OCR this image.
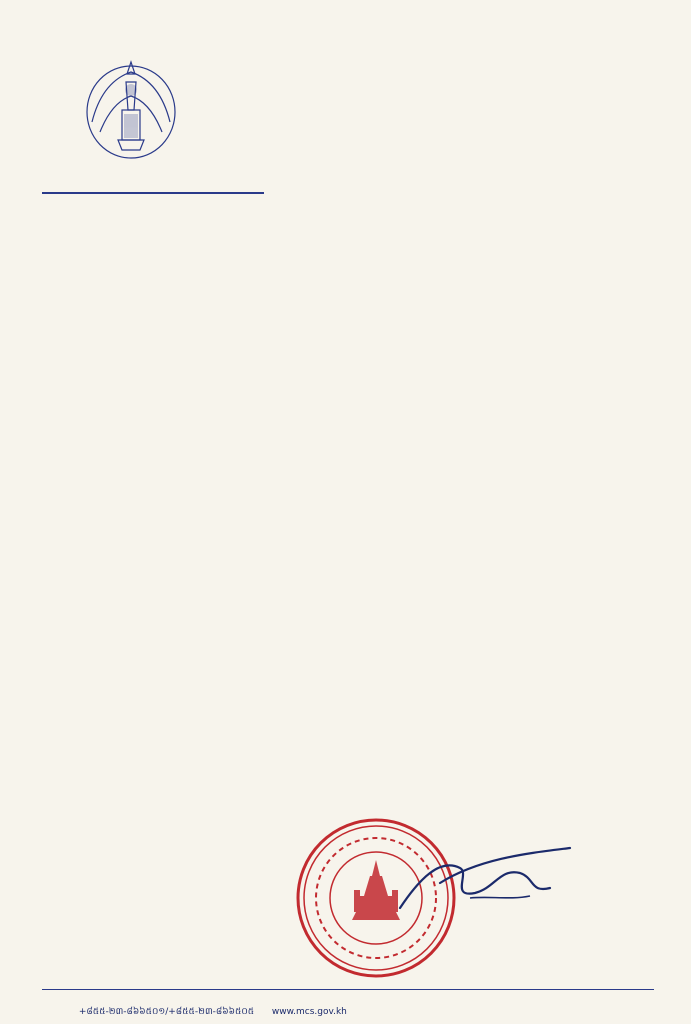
+៨៥៥-២៣-៨៦៦៥០១/+៨៥៥-២៣-៨៦៦៥០៥ www.mcs.gov.kh
